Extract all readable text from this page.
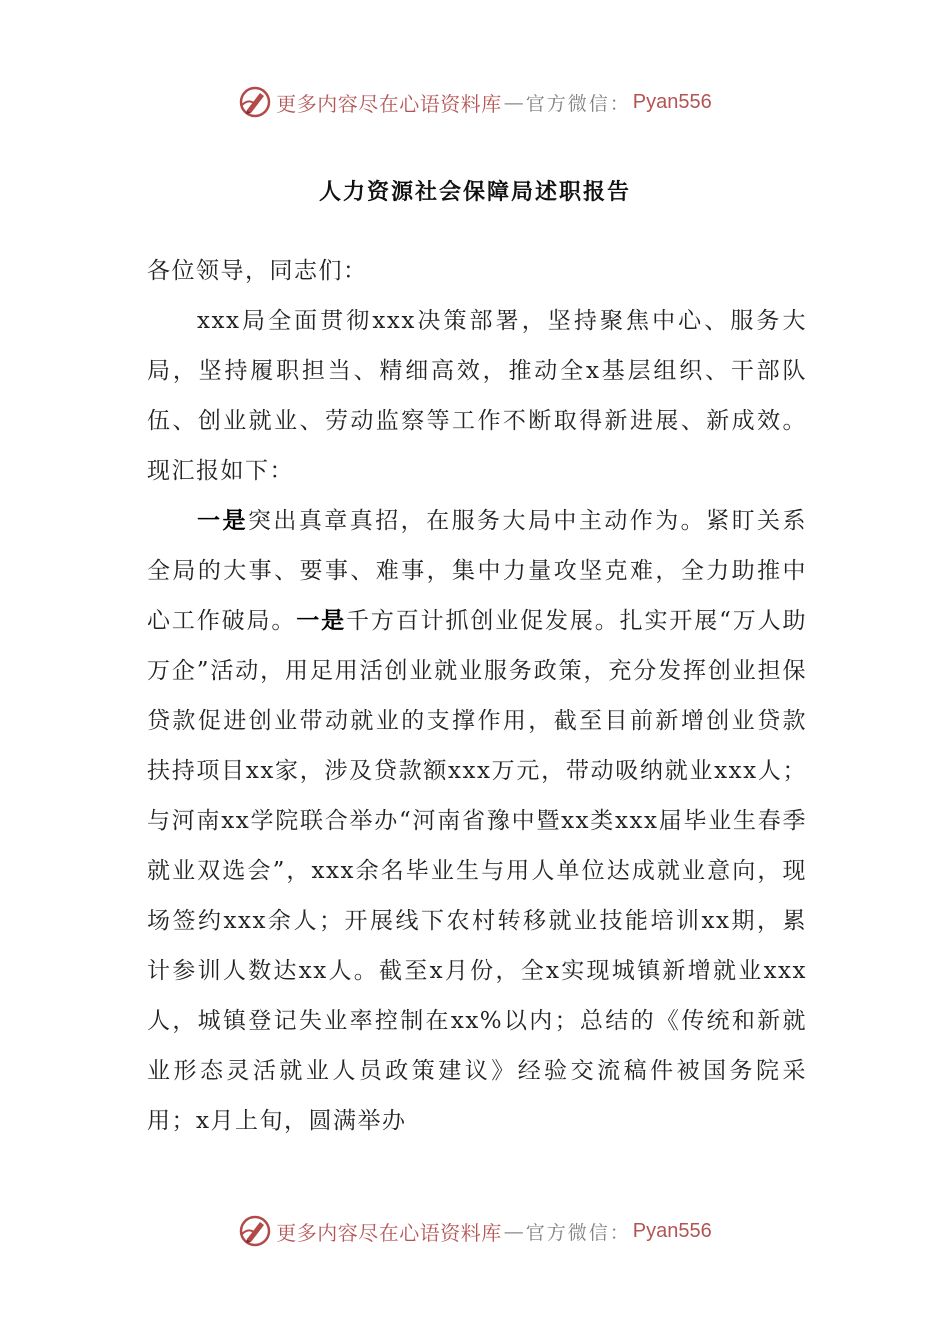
更多内容尽在心语资料库 — 官方微信： Pyan556
人力资源社会保障局述职报告

各位领导，同志们：

xxx局全面贯彻xxx决策部署，坚持聚焦中心、服务大局，坚持履职担当、精细高效，推动全x基层组织、干部队伍、创业就业、劳动监察等工作不断取得新进展、新成效。现汇报如下：

一是突出真章真招，在服务大局中主动作为。紧盯关系全局的大事、要事、难事，集中力量攻坚克难，全力助推中心工作破局。一是千方百计抓创业促发展。扎实开展“万人助万企”活动，用足用活创业就业服务政策，充分发挥创业担保贷款促进创业带动就业的支撑作用，截至目前新增创业贷款扶持项目xx家，涉及贷款额xxx万元，带动吸纳就业xxx人；与河南xx学院联合举办“河南省豫中暨xx类xxx届毕业生春季就业双选会”，xxx余名毕业生与用人单位达成就业意向，现场签约xxx余人；开展线下农村转移就业技能培训xx期，累计参训人数达xx人。截至x月份，全x实现城镇新增就业xxx人，城镇登记失业率控制在xx%以内；总结的《传统和新就业形态灵活就业人员政策建议》经验交流稿件被国务院采用；x月上旬，圆满举办

更多内容尽在心语资料库 — 官方微信： Pyan556
